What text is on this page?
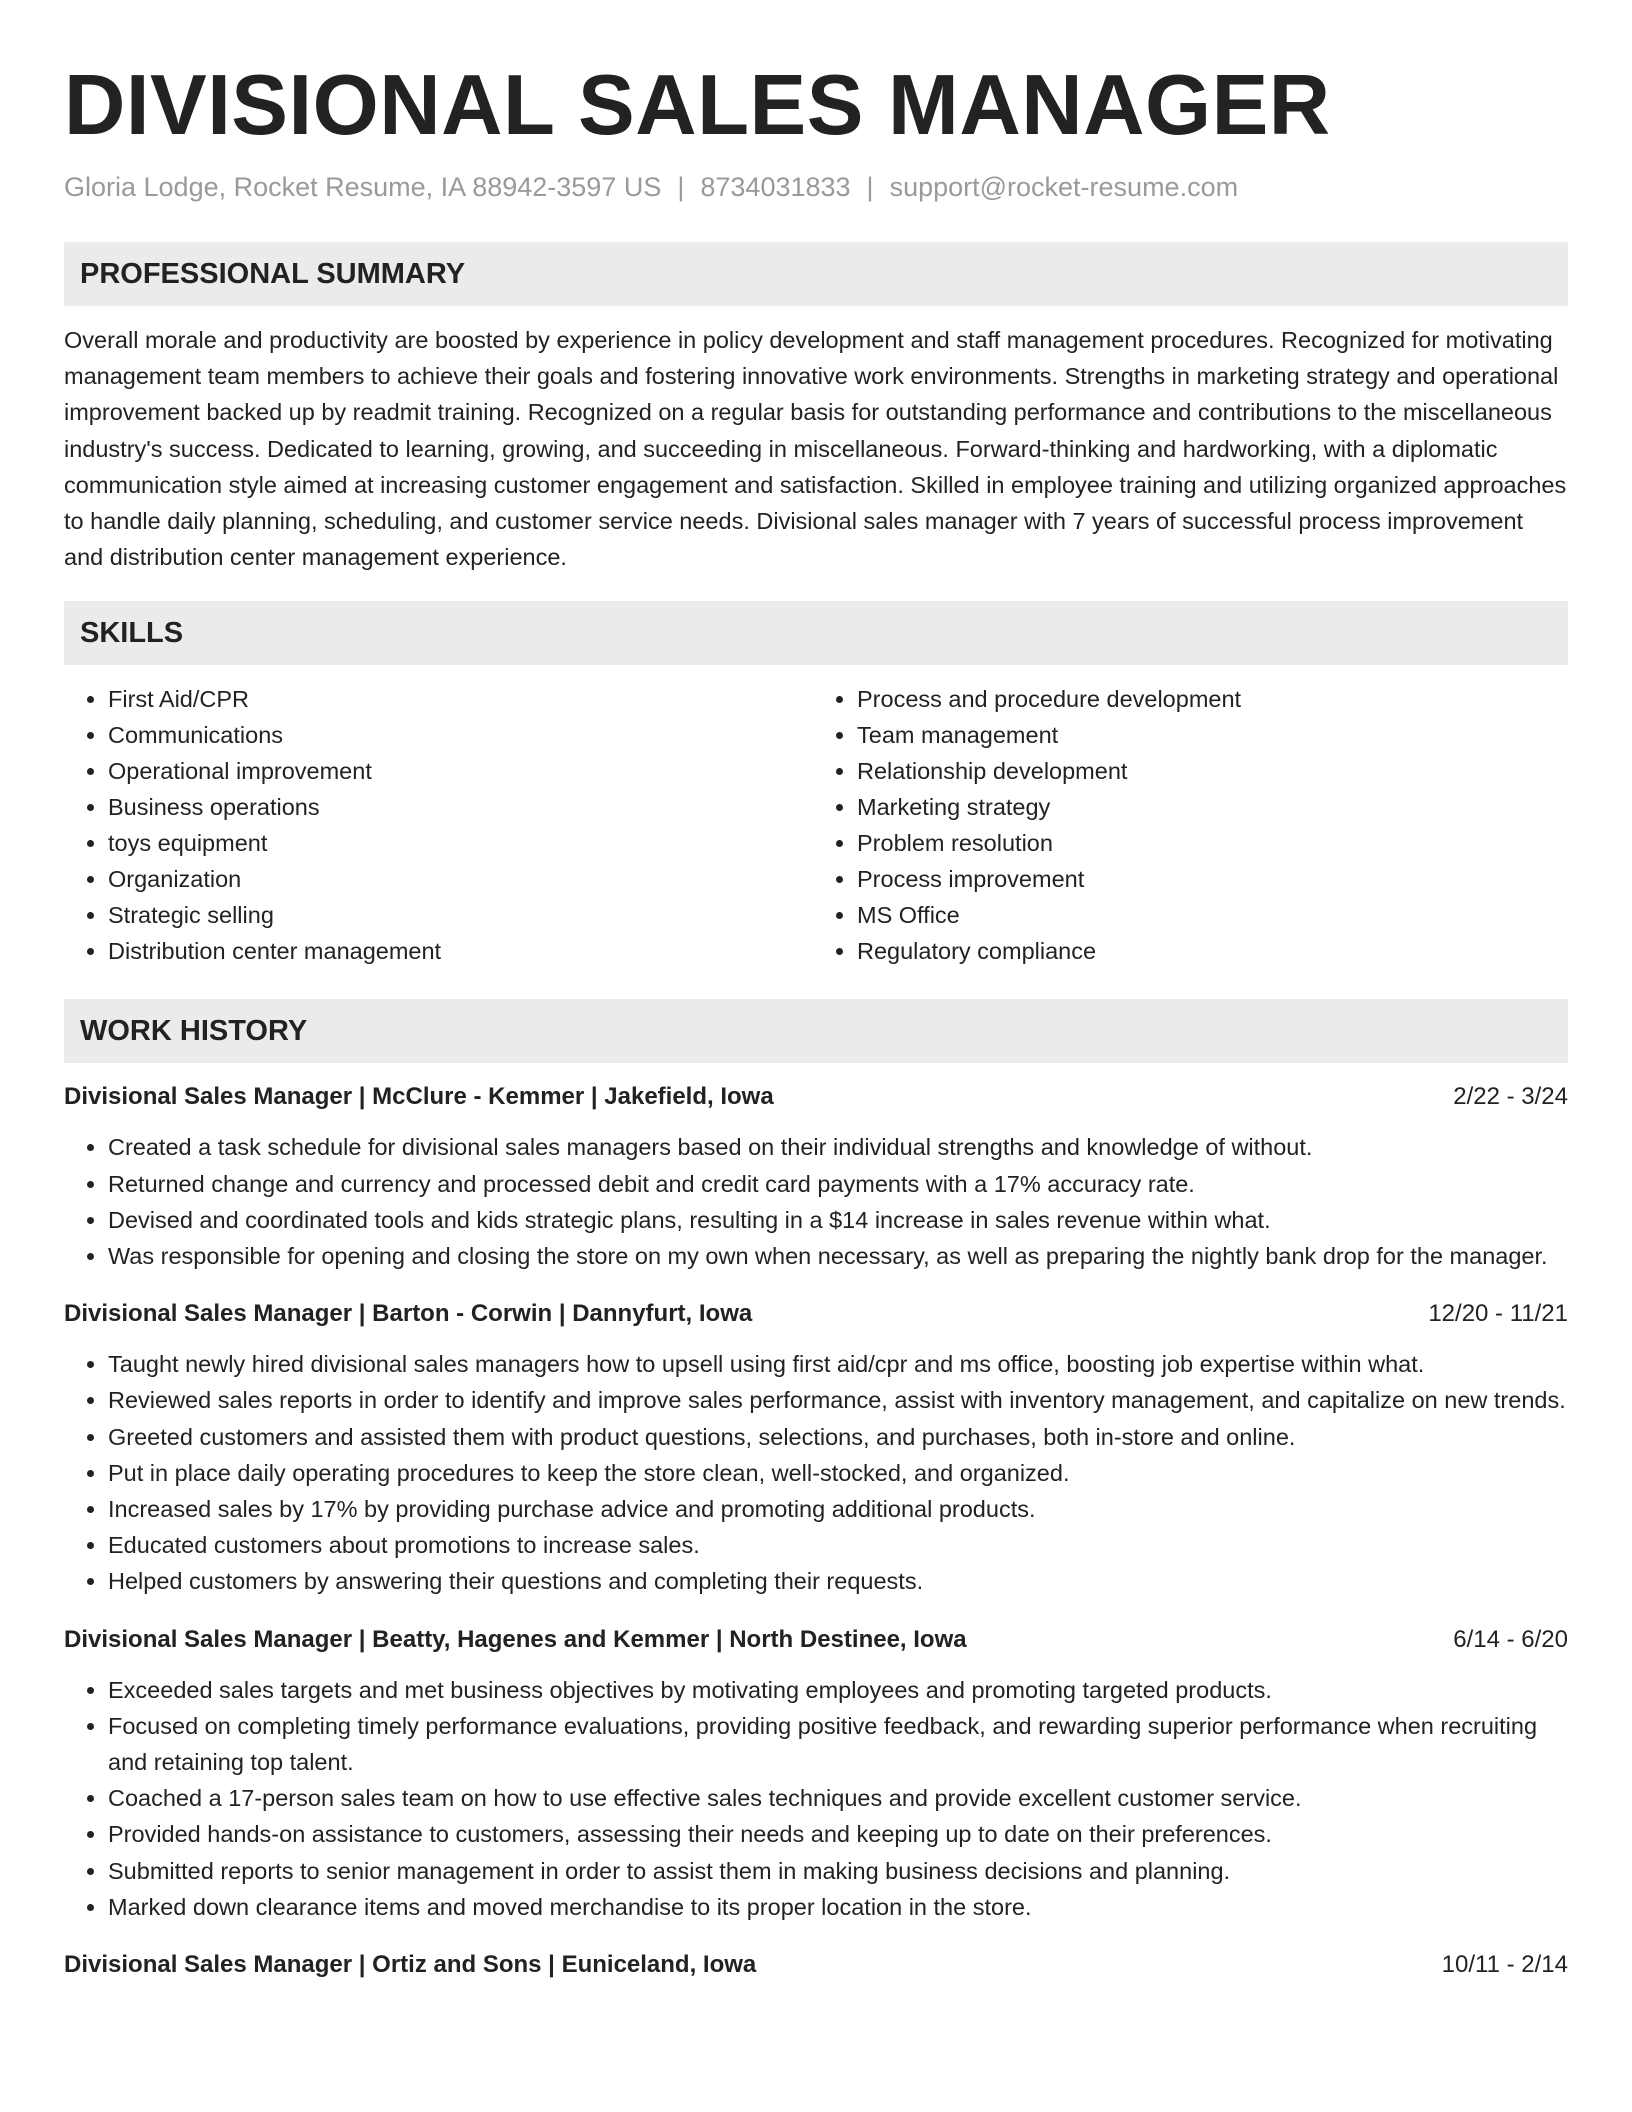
DIVISIONAL SALES MANAGER
Gloria Lodge, Rocket Resume, IA 88942-3597 US | 8734031833 | support@rocket-resume.com
PROFESSIONAL SUMMARY

Overall morale and productivity are boosted by experience in policy development and staff management procedures. Recognized for motivating management team members to achieve their goals and fostering innovative work environments. Strengths in marketing strategy and operational improvement backed up by readmit training. Recognized on a regular basis for outstanding performance and contributions to the miscellaneous industry's success. Dedicated to learning, growing, and succeeding in miscellaneous. Forward-thinking and hardworking, with a diplomatic communication style aimed at increasing customer engagement and satisfaction. Skilled in employee training and utilizing organized approaches to handle daily planning, scheduling, and customer service needs. Divisional sales manager with 7 years of successful process improvement and distribution center management experience.

SKILLS
• First Aid/CPR
• Communications
• Operational improvement
• Business operations
• toys equipment
• Organization
• Strategic selling
• Distribution center management
• Process and procedure development
• Team management
• Relationship development
• Marketing strategy
• Problem resolution
• Process improvement
• MS Office
• Regulatory compliance
WORK HISTORY
Divisional Sales Manager | McClure - Kemmer | Jakefield, Iowa	2/22 - 3/24
• Created a task schedule for divisional sales managers based on their individual strengths and knowledge of without.
• Returned change and currency and processed debit and credit card payments with a 17% accuracy rate.
• Devised and coordinated tools and kids strategic plans, resulting in a $14 increase in sales revenue within what.
• Was responsible for opening and closing the store on my own when necessary, as well as preparing the nightly bank drop for the manager.
Divisional Sales Manager | Barton - Corwin | Dannyfurt, Iowa	12/20 - 11/21
• Taught newly hired divisional sales managers how to upsell using first aid/cpr and ms office, boosting job expertise within what.
• Reviewed sales reports in order to identify and improve sales performance, assist with inventory management, and capitalize on new trends.
• Greeted customers and assisted them with product questions, selections, and purchases, both in-store and online.
• Put in place daily operating procedures to keep the store clean, well-stocked, and organized.
• Increased sales by 17% by providing purchase advice and promoting additional products.
• Educated customers about promotions to increase sales.
• Helped customers by answering their questions and completing their requests.
Divisional Sales Manager | Beatty, Hagenes and Kemmer | North Destinee, Iowa	6/14 - 6/20
• Exceeded sales targets and met business objectives by motivating employees and promoting targeted products.
• Focused on completing timely performance evaluations, providing positive feedback, and rewarding superior performance when recruiting and retaining top talent.
• Coached a 17-person sales team on how to use effective sales techniques and provide excellent customer service.
• Provided hands-on assistance to customers, assessing their needs and keeping up to date on their preferences.
• Submitted reports to senior management in order to assist them in making business decisions and planning.
• Marked down clearance items and moved merchandise to its proper location in the store.
Divisional Sales Manager | Ortiz and Sons | Euniceland, Iowa	10/11 - 2/14
